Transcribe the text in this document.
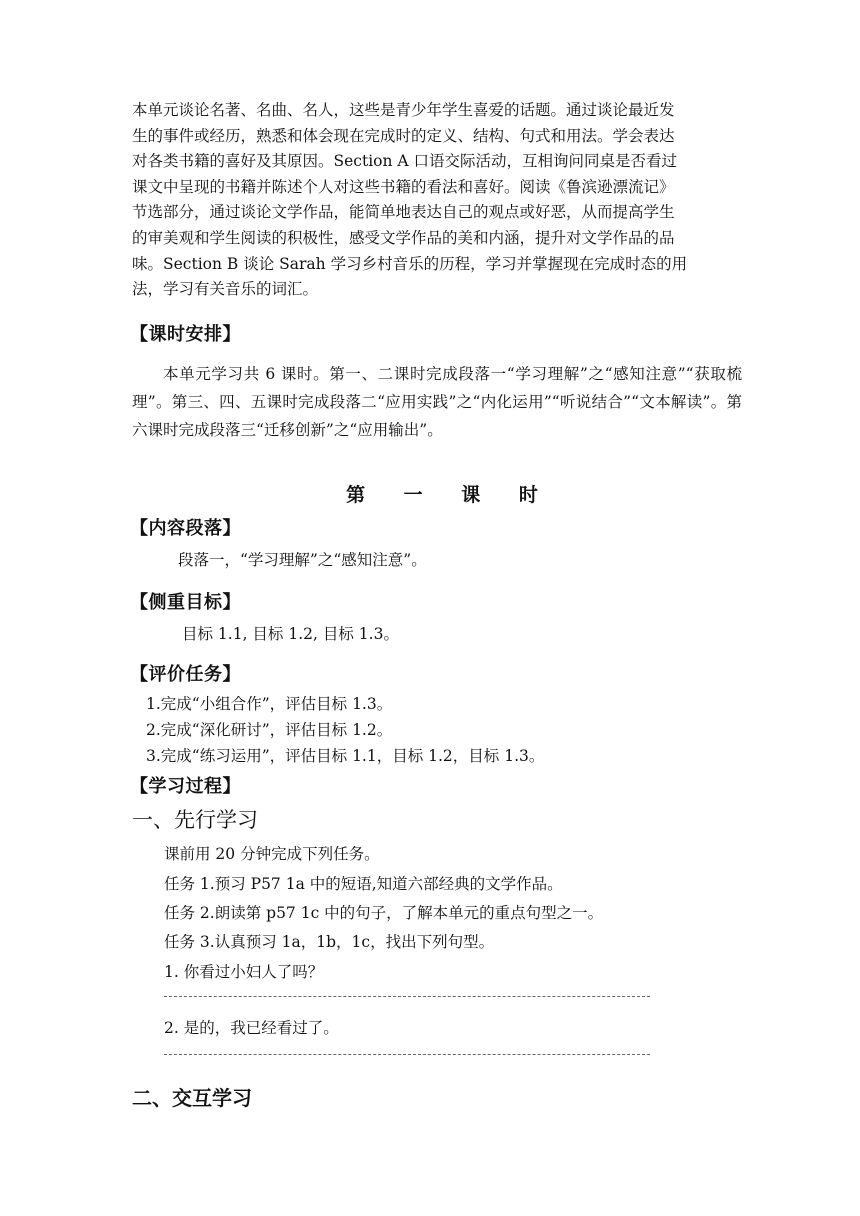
本单元谈论名著、名曲、名人，这些是青少年学生喜爱的话题。通过谈论最近发

生的事件或经历，熟悉和体会现在完成时的定义、结构、句式和用法。学会表达

对各类书籍的喜好及其原因。Section A 口语交际活动，互相询问同桌是否看过

课文中呈现的书籍并陈述个人对这些书籍的看法和喜好。阅读《鲁滨逊漂流记》

节选部分，通过谈论文学作品，能简单地表达自己的观点或好恶，从而提高学生

的审美观和学生阅读的积极性，感受文学作品的美和内涵，提升对文学作品的品

味。Section B 谈论 Sarah 学习乡村音乐的历程，学习并掌握现在完成时态的用

法，学习有关音乐的词汇。

【课时安排】
本单元学习共 6 课时。第一、二课时完成段落一“学习理解”之“感知注意”“获取梳理”。第三、四、五课时完成段落二“应用实践”之“内化运用”“听说结合”“文本解读”。第六课时完成段落三“迁移创新”之“应用输出”。
第 一 课 时
【内容段落】
段落一，“学习理解”之“感知注意”。
【侧重目标】
目标 1.1, 目标 1.2, 目标 1.3。
【评价任务】
1.完成“小组合作”，评估目标 1.3。
2.完成“深化研讨”，评估目标 1.2。
3.完成“练习运用”，评估目标 1.1，目标 1.2，目标 1.3。
【学习过程】
一、先行学习
课前用 20 分钟完成下列任务。
任务 1.预习 P57 1a 中的短语,知道六部经典的文学作品。
任务 2.朗读第 p57 1c 中的句子，了解本单元的重点句型之一。
任务 3.认真预习 1a，1b，1c，找出下列句型。
1. 你看过小妇人了吗？
2. 是的，我已经看过了。
二、交互学习
